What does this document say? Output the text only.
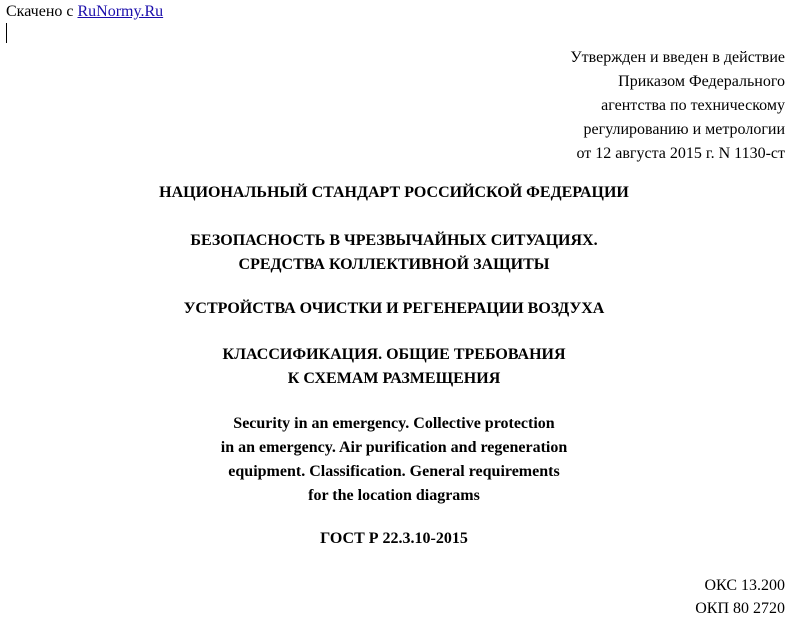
Скачено с RuNormy.Ru
Утвержден и введен в действие
Приказом Федерального
агентства по техническому
регулированию и метрологии
от 12 августа 2015 г. N 1130-ст
НАЦИОНАЛЬНЫЙ СТАНДАРТ РОССИЙСКОЙ ФЕДЕРАЦИИ
БЕЗОПАСНОСТЬ В ЧРЕЗВЫЧАЙНЫХ СИТУАЦИЯХ.
СРЕДСТВА КОЛЛЕКТИВНОЙ ЗАЩИТЫ
УСТРОЙСТВА ОЧИСТКИ И РЕГЕНЕРАЦИИ ВОЗДУХА
КЛАССИФИКАЦИЯ. ОБЩИЕ ТРЕБОВАНИЯ
К СХЕМАМ РАЗМЕЩЕНИЯ
Security in an emergency. Collective protection
in an emergency. Air purification and regeneration
equipment. Classification. General requirements
for the location diagrams
ГОСТ Р 22.3.10-2015
ОКС 13.200
ОКП 80 2720
